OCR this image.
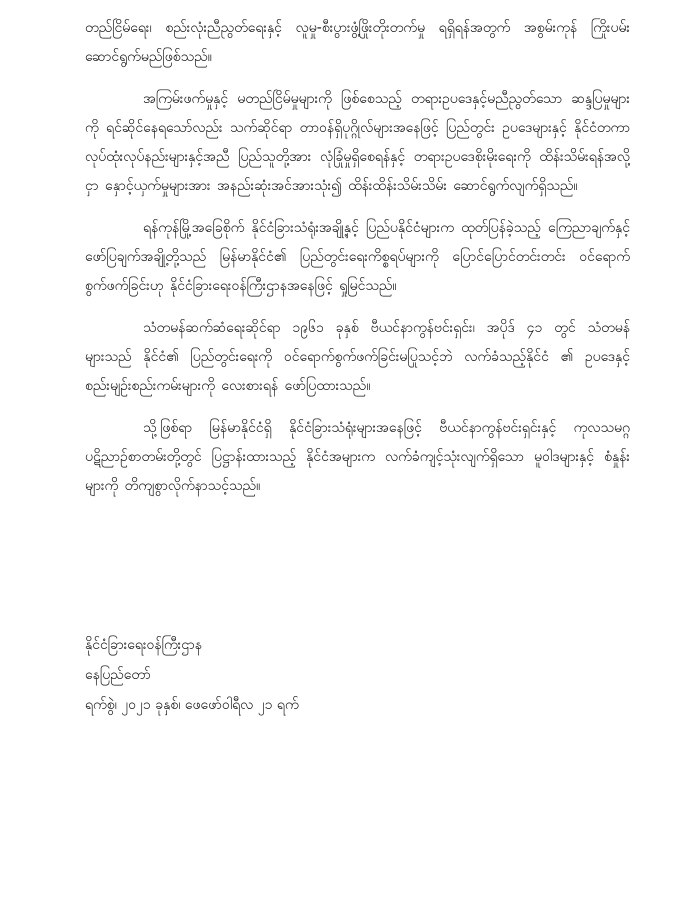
တည်ငြိမ်ရေး၊ စည်းလုံးညီညွတ်ရေးနှင့် လူမှု-စီးပွားဖွံ့ဖြိုးတိုးတက်မှု ရရှိရန်အတွက် အစွမ်းကုန် ကြိုးပမ်းဆောင်ရွက်မည်ဖြစ်သည်။

အကြမ်းဖက်မှုနှင့် မတည်ငြိမ်မှုများကို ဖြစ်စေသည့် တရားဥပဒေနှင့်မညီညွတ်သော ဆန္ဒပြမှုများကို ရင်ဆိုင်နေရသော်လည်း သက်ဆိုင်ရာ တာဝန်ရှိပုဂ္ဂိုလ်များအနေဖြင့် ပြည်တွင်း ဥပဒေများနှင့် နိုင်ငံတကာလုပ်ထုံးလုပ်နည်းများနှင့်အညီ ပြည်သူတို့အား လုံခြုံမှုရှိစေရန်နှင့် တရားဥပဒေစိုးမိုးရေးကို ထိန်းသိမ်းရန်အလို့ငှာ နှောင့်ယှက်မှုများအား အနည်းဆုံးအင်အားသုံး၍ ထိန်းထိန်းသိမ်းသိမ်း ဆောင်ရွက်လျက်ရှိသည်။

ရန်ကုန်မြို့အခြေစိုက် နိုင်ငံခြားသံရုံးအချို့နှင့် ပြည်ပနိုင်ငံများက ထုတ်ပြန်ခဲ့သည့် ကြေညာချက်နှင့် ဖော်ပြချက်အချို့တို့သည် မြန်မာနိုင်ငံ၏ ပြည်တွင်းရေးကိစ္စရပ်များကို ပြောင်ပြောင်တင်းတင်း ဝင်ရောက်စွက်ဖက်ခြင်းဟု နိုင်ငံခြားရေးဝန်ကြီးဌာနအနေဖြင့် ရှုမြင်သည်။

သံတမန်ဆက်ဆံရေးဆိုင်ရာ ၁၉၆၁ ခုနှစ် ဗီယင်နာကွန်ဗင်းရှင်း၊ အပိုဒ် ၄၁ တွင် သံတမန်များသည် နိုင်ငံ၏ ပြည်တွင်းရေးကို ဝင်ရောက်စွက်ဖက်ခြင်းမပြုသင့်ဘဲ လက်ခံသည့်နိုင်ငံ ၏ ဥပဒေနှင့် စည်းမျဉ်းစည်းကမ်းများကို လေးစားရန် ဖော်ပြထားသည်။

သို့ဖြစ်ရာ မြန်မာနိုင်ငံရှိ နိုင်ငံခြားသံရုံးများအနေဖြင့် ဗီယင်နာကွန်ဗင်းရှင်းနှင့် ကုလသမဂ္ဂ ပဋိညာဉ်စာတမ်းတို့တွင် ပြဋ္ဌာန်းထားသည့် နိုင်ငံအများက လက်ခံကျင့်သုံးလျက်ရှိသော မူဝါဒများနှင့် စံနှုန်းများကို တိကျစွာလိုက်နာသင့်သည်။

နိုင်ငံခြားရေးဝန်ကြီးဌာန

နေပြည်တော်

ရက်စွဲ၊ ၂၀၂၁ ခုနှစ်၊ ဖေဖော်ဝါရီလ ၂၁ ရက်
